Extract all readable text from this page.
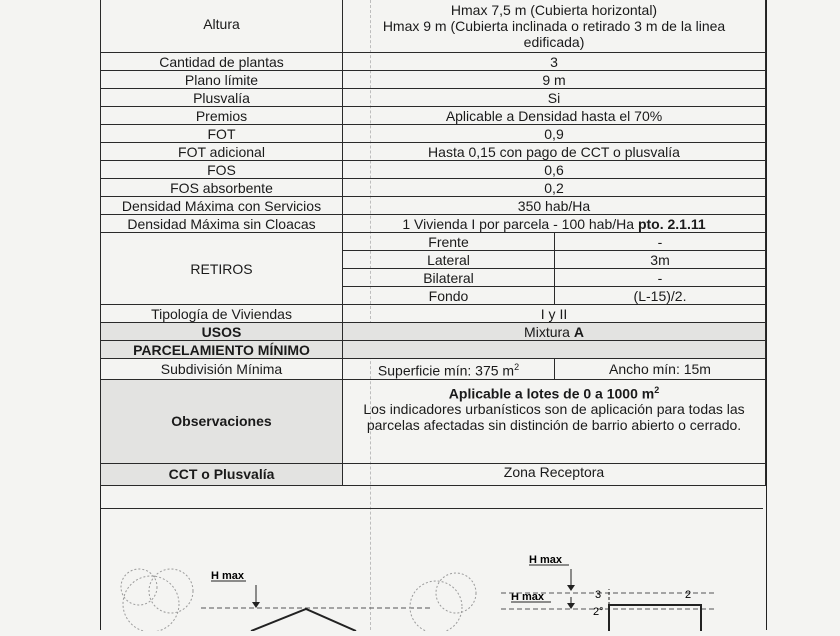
Altura	Hmax 7,5 m (Cubierta horizontal)
Hmax 9 m (Cubierta inclinada o retirado 3 m de la linea edificada)	

Cantidad de plantas	3	
Plano límite	9 m	
Plusvalía	Si	
Premios	Aplicable a Densidad hasta el 70%	
FOT	0,9	
FOT adicional	Hasta 0,15 con pago de CCT o plusvalía	
FOS	0,6	
FOS absorbente	0,2	
Densidad Máxima con Servicios	350 hab/Ha	
Densidad Máxima sin Cloacas	1 Vivienda I por parcela - 100 hab/Ha pto. 2.1.11	
RETIROS	Frente	-
	Lateral	3m
	Bilateral	-
	Fondo	(L-15)/2.
Tipología de Viviendas	I y II	
USOS	Mixtura A	
PARCELAMIENTO MÍNIMO		
Subdivisión Mínima	Superficie mín: 375 $m^2$	Ancho mín: 15m
Observaciones	Aplicable a lotes de 0 a 1000 $m^2$
Los indicadores urbanísticos son de aplicación para todas las parcelas afectadas sin distinción de barrio abierto o cerrado.	

CCT o Plusvalía	Zona Receptora	
H max
H max
H max	3
2°
2
